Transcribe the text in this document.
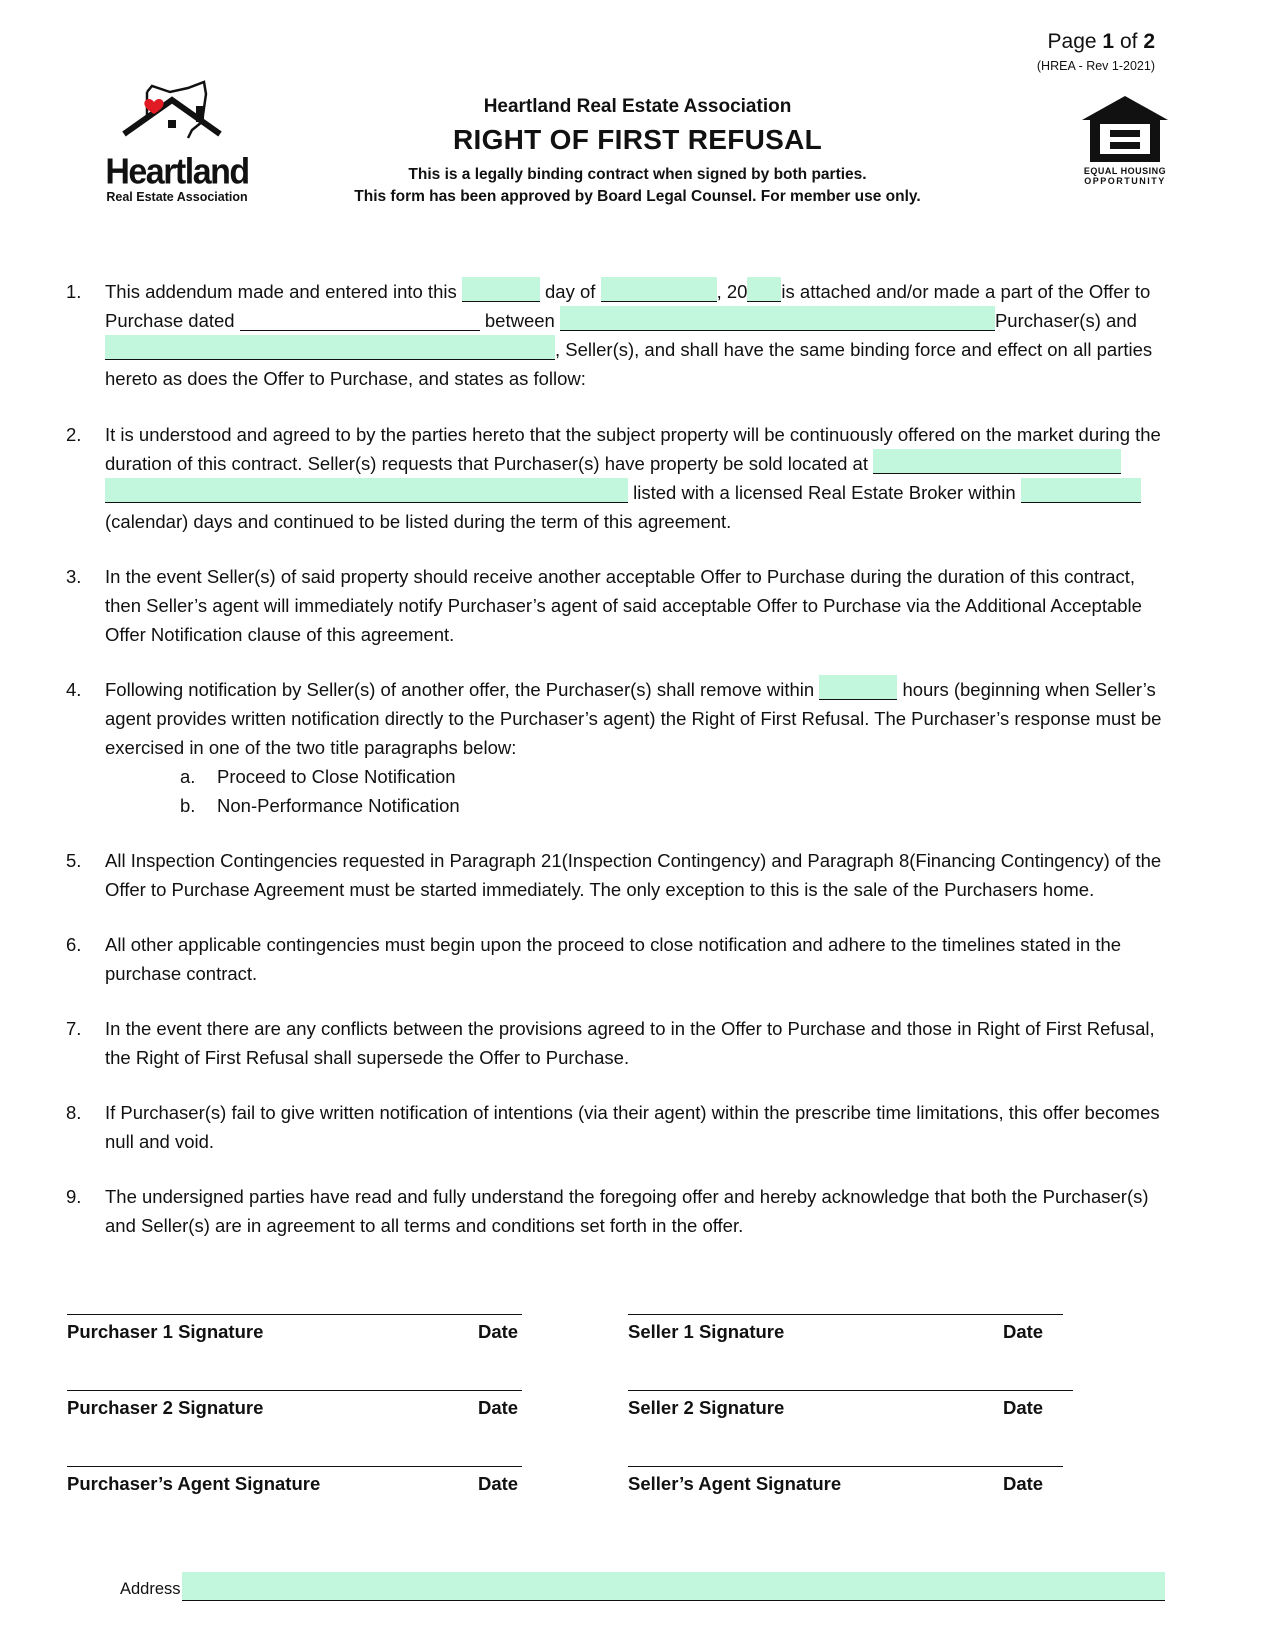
Page 1 of 2
(HREA - Rev 1-2021)
Heartland
Real Estate Association
Heartland Real Estate Association
RIGHT OF FIRST REFUSAL
This is a legally binding contract when signed by both parties.
This form has been approved by Board Legal Counsel. For member use only.
EQUAL HOUSING
OPPORTUNITY
1. This addendum made and entered into this	day of	, 20 is attached and/or made a part of the Offer to
Purchase dated	between	Purchaser(s) and
, Seller(s), and shall have the same binding force and effect on all parties
hereto as does the Offer to Purchase, and states as follow:
2. It is understood and agreed to by the parties hereto that the subject property will be continuously offered on the market during the
duration of this contract. Seller(s) requests that Purchaser(s) have property be sold located at
listed with a licensed Real Estate Broker within
(calendar) days and continued to be listed during the term of this agreement.
3. In the event Seller(s) of said property should receive another acceptable Offer to Purchase during the duration of this contract,
then Seller’s agent will immediately notify Purchaser’s agent of said acceptable Offer to Purchase via the Additional Acceptable
Offer Notification clause of this agreement.
4. Following notification by Seller(s) of another offer, the Purchaser(s) shall remove within	hours (beginning when Seller’s
agent provides written notification directly to the Purchaser’s agent) the Right of First Refusal. The Purchaser’s response must be
exercised in one of the two title paragraphs below:
a. Proceed to Close Notification
b. Non-Performance Notification
5. All Inspection Contingencies requested in Paragraph 21(Inspection Contingency) and Paragraph 8(Financing Contingency) of the
Offer to Purchase Agreement must be started immediately. The only exception to this is the sale of the Purchasers home.
6. All other applicable contingencies must begin upon the proceed to close notification and adhere to the timelines stated in the
purchase contract.
7. In the event there are any conflicts between the provisions agreed to in the Offer to Purchase and those in Right of First Refusal,
the Right of First Refusal shall supersede the Offer to Purchase.
8. If Purchaser(s) fail to give written notification of intentions (via their agent) within the prescribe time limitations, this offer becomes
null and void.
9. The undersigned parties have read and fully understand the foregoing offer and hereby acknowledge that both the Purchaser(s)
and Seller(s) are in agreement to all terms and conditions set forth in the offer.
Purchaser 1 Signature	Date	Seller 1 Signature	Date
Purchaser 2 Signature	Date	Seller 2 Signature	Date
Purchaser’s Agent Signature	Date	Seller’s Agent Signature	Date
Address
